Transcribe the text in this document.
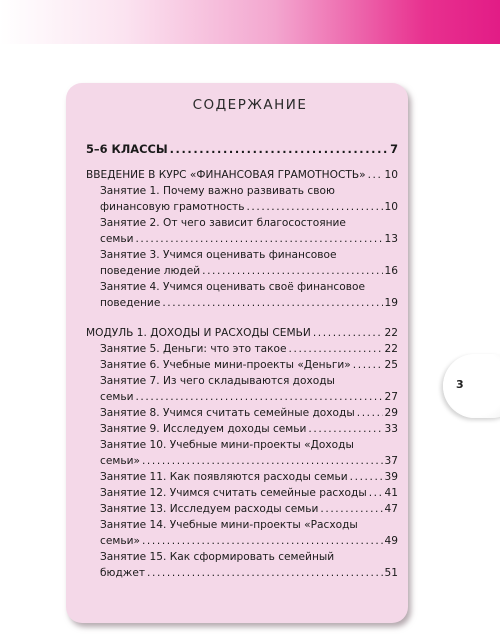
СОДЕРЖАНИЕ
3
5–6 КЛАССЫ .....	7
ВВЕДЕНИЕ В КУРС «ФИНАНСОВАЯ ГРАМОТНОСТЬ» ..... 10
Занятие 1. Почему важно развивать свою
финансовую грамотность .....	10
Занятие 2. От чего зависит благосостояние
семьи .....	13
Занятие 3. Учимся оценивать финансовое
поведение людей .....	16
Занятие 4. Учимся оценивать своё финансовое
поведение .....	19
МОДУЛЬ 1. ДОХОДЫ И РАСХОДЫ СЕМЬИ .....	22
Занятие 5. Деньги: что это такое .....	22
Занятие 6. Учебные мини-проекты «Деньги» .....	25
Занятие 7. Из чего складываются доходы
семьи .....	27
Занятие 8. Учимся считать семейные доходы .....	29
Занятие 9. Исследуем доходы семьи .....	33
Занятие 10. Учебные мини-проекты «Доходы
семьи» .....	37
Занятие 11. Как появляются расходы семьи .....	39
Занятие 12. Учимся считать семейные расходы ..... 41
Занятие 13. Исследуем расходы семьи .....	47
Занятие 14. Учебные мини-проекты «Расходы
семьи» .....	49
Занятие 15. Как сформировать семейный
бюджет .....	51
